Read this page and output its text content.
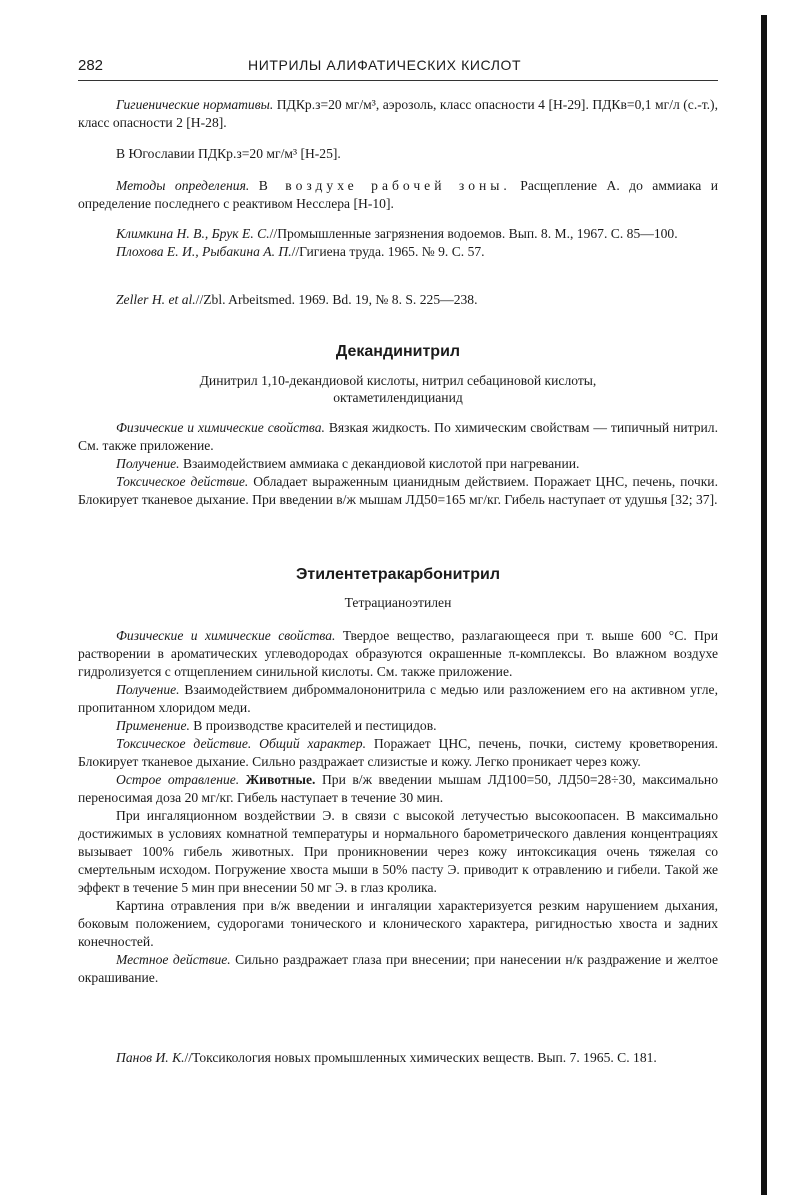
282	НИТРИЛЫ АЛИФАТИЧЕСКИХ КИСЛОТ

Гигиенические нормативы. ПДКр.з=20 мг/м³, аэрозоль, класс опасности 4 [Н-29]. ПДКв=0,1 мг/л (с.-т.), класс опасности 2 [Н-28].

В Югославии ПДКр.з=20 мг/м³ [Н-25].

Методы определения. В воздухе рабочей зоны. Расщепление А. до аммиака и определение последнего с реактивом Несслера [Н-10].

Климкина Н. В., Брук Е. С.//Промышленные загрязнения водоемов. Вып. 8. М., 1967. С. 85—100.

Плохова Е. И., Рыбакина А. П.//Гигиена труда. 1965. № 9. С. 57.

Zeller H. et al.//Zbl. Arbeitsmed. 1969. Bd. 19, № 8. S. 225—238.

Декандинитрил
Динитрил 1,10-декандиовой кислоты, нитрил себациновой кислоты, октаметилендицианид

Физические и химические свойства. Вязкая жидкость. По химическим свойствам — типичный нитрил. См. также приложение.

Получение. Взаимодействием аммиака с декандиовой кислотой при нагревании.

Токсическое действие. Обладает выраженным цианидным действием. Поражает ЦНС, печень, почки. Блокирует тканевое дыхание. При введении в/ж мышам ЛД50=165 мг/кг. Гибель наступает от удушья [32; 37].

Этилентетракарбонитрил
Тетрацианоэтилен

Физические и химические свойства. Твердое вещество, разлагающееся при т. выше 600 °С. При растворении в ароматических углеводородах образуются окрашенные π-комплексы. Во влажном воздухе гидролизуется с отщеплением синильной кислоты. См. также приложение.

Получение. Взаимодействием диброммалононитрила с медью или разложением его на активном угле, пропитанном хлоридом меди.

Применение. В производстве красителей и пестицидов.

Токсическое действие. Общий характер. Поражает ЦНС, печень, почки, систему кроветворения. Блокирует тканевое дыхание. Сильно раздражает слизистые и кожу. Легко проникает через кожу.

Острое отравление. Животные. При в/ж введении мышам ЛД100=50, ЛД50=28÷30, максимально переносимая доза 20 мг/кг. Гибель наступает в течение 30 мин.

При ингаляционном воздействии Э. в связи с высокой летучестью высокоопасен. В максимально достижимых в условиях комнатной температуры и нормального барометрического давления концентрациях вызывает 100% гибель животных. При проникновении через кожу интоксикация очень тяжелая со смертельным исходом. Погружение хвоста мыши в 50% пасту Э. приводит к отравлению и гибели. Такой же эффект в течение 5 мин при внесении 50 мг Э. в глаз кролика.

Картина отравления при в/ж введении и ингаляции характеризуется резким нарушением дыхания, боковым положением, судорогами тонического и клонического характера, ригидностью хвоста и задних конечностей.

Местное действие. Сильно раздражает глаза при внесении; при нанесении н/к раздражение и желтое окрашивание.

Панов И. К.//Токсикология новых промышленных химических веществ. Вып. 7. 1965. С. 181.
